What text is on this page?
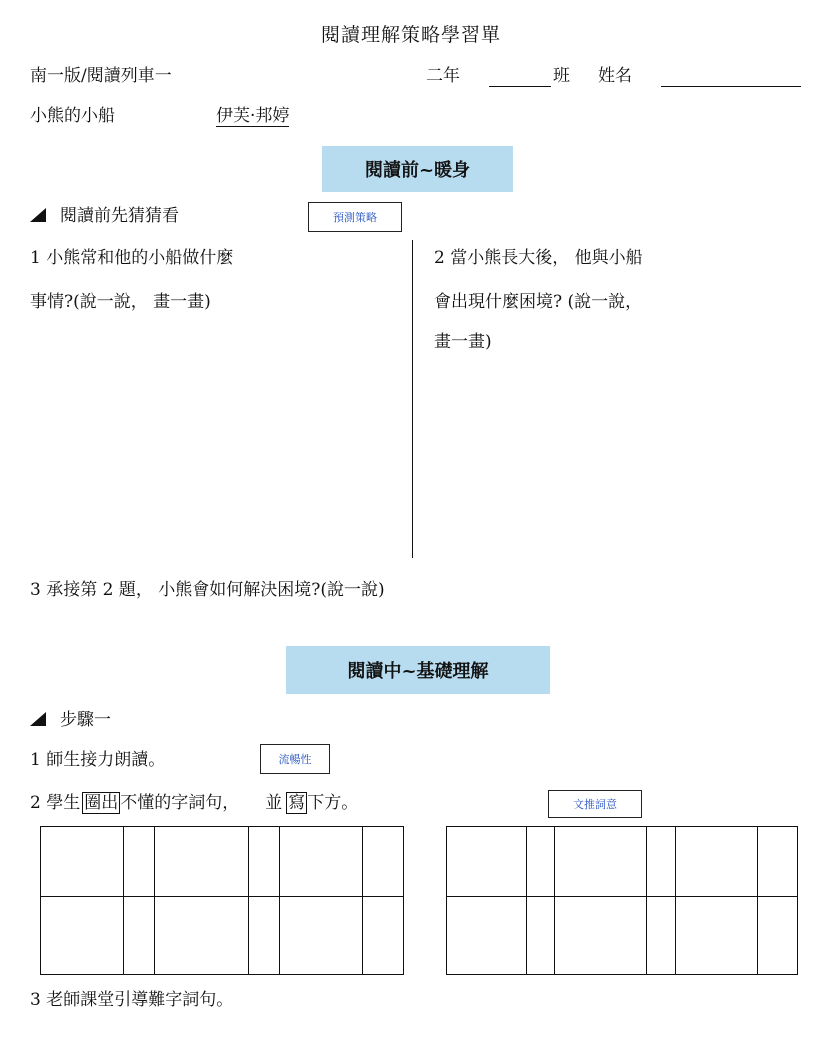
閱讀理解策略學習單
南一版/閱讀列車一	二年	班 姓名
小熊的小船	伊芙·邦婷
閱讀前~暖身
閱讀前先猜猜看	預測策略
1 小熊常和他的小船做什麼
事情?(說一說， 畫一畫)
2 當小熊長大後， 他與小船
會出現什麼困境? (說一說，
畫一畫)
3 承接第 2 題， 小熊會如何解決困境?(說一說)
閱讀中~基礎理解
步驟一
1 師生接力朗讀。	流暢性
2 學生 圈出 不懂的字詞句， 並 寫 下方。	文推詞意

3 老師課堂引導難字詞句。
